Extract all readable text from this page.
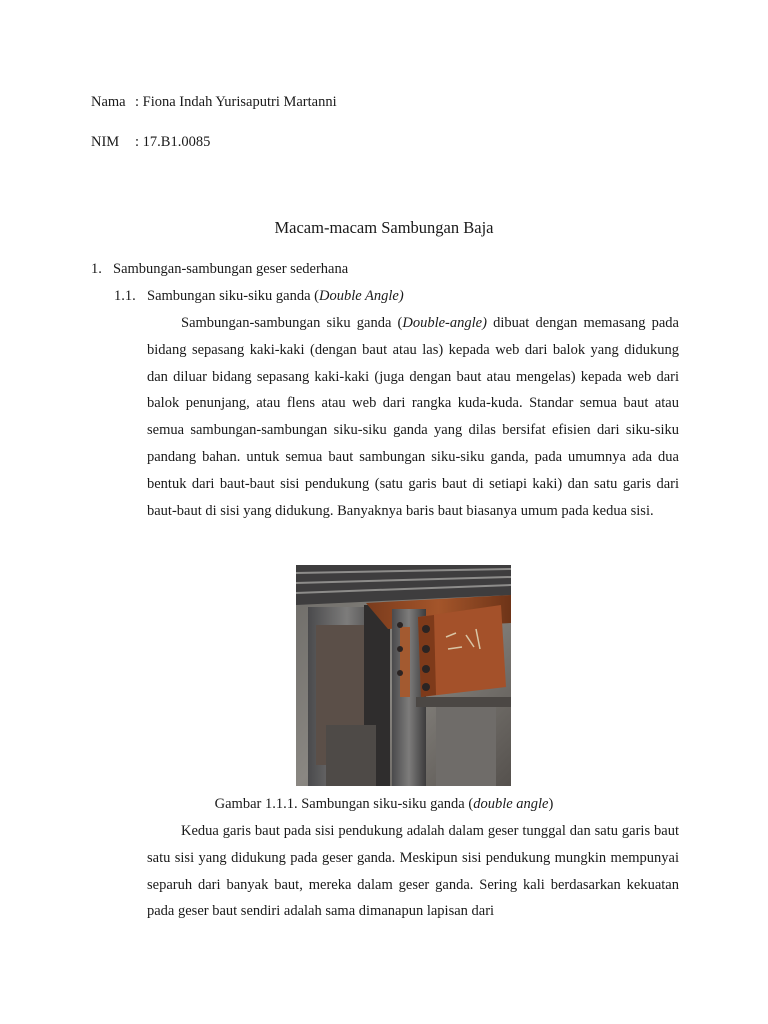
Nama : Fiona Indah Yurisaputri Martanni
NIM : 17.B1.0085
Macam-macam Sambungan Baja
1. Sambungan-sambungan geser sederhana
1.1. Sambungan siku-siku ganda (Double Angle)
Sambungan-sambungan siku ganda (Double-angle) dibuat dengan memasang pada bidang sepasang kaki-kaki (dengan baut atau las) kepada web dari balok yang didukung dan diluar bidang sepasang kaki-kaki (juga dengan baut atau mengelas) kepada web dari balok penunjang, atau flens atau web dari rangka kuda-kuda. Standar semua baut atau semua sambungan-sambungan siku-siku ganda yang dilas bersifat efisien dari siku-siku pandang bahan. untuk semua baut sambungan siku-siku ganda, pada umumnya ada dua bentuk dari baut-baut sisi pendukung (satu garis baut di setiapi kaki) dan satu garis dari baut-baut di sisi yang didukung. Banyaknya baris baut biasanya umum pada kedua sisi.
Gambar 1.1.1. Sambungan siku-siku ganda (double angle)
Kedua garis baut pada sisi pendukung adalah dalam geser tunggal dan satu garis baut satu sisi yang didukung pada geser ganda. Meskipun sisi pendukung mungkin mempunyai separuh dari banyak baut, mereka dalam geser ganda. Sering kali berdasarkan kekuatan pada geser baut sendiri adalah sama dimanapun lapisan dari
